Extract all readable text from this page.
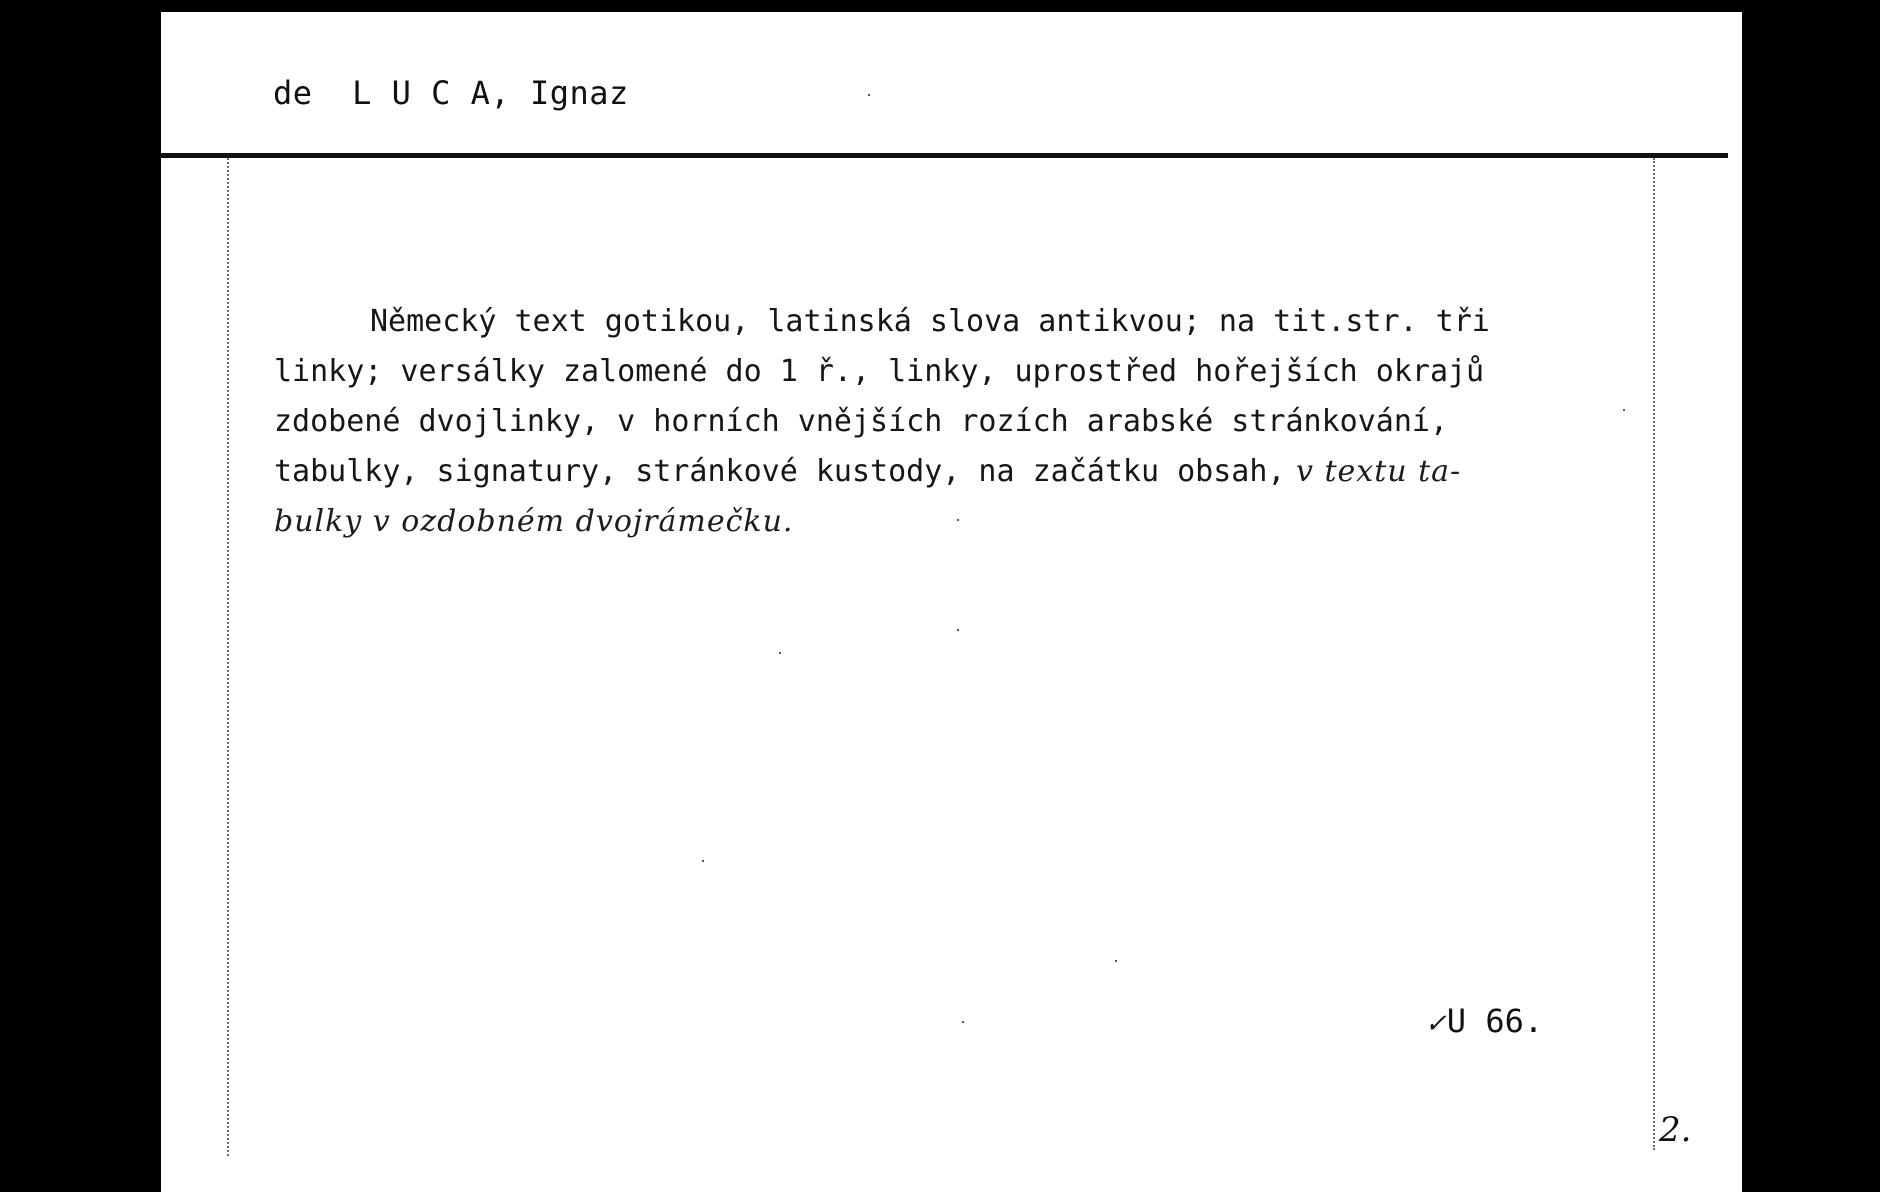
de  L U C A, Ignaz
Německý text gotikou, latinská slova antikvou; na tit.str. tři
linky; versálky zalomené do 1 ř., linky, uprostřed hořejších okrajů
zdobené dvojlinky, v horních vnějších rozích arabské stránkování,
tabulky, signatury, stránkové kustody, na začátku obsah, v textu ta-
bulky v ozdobném dvojrámečku.
✓U 66.
2.
